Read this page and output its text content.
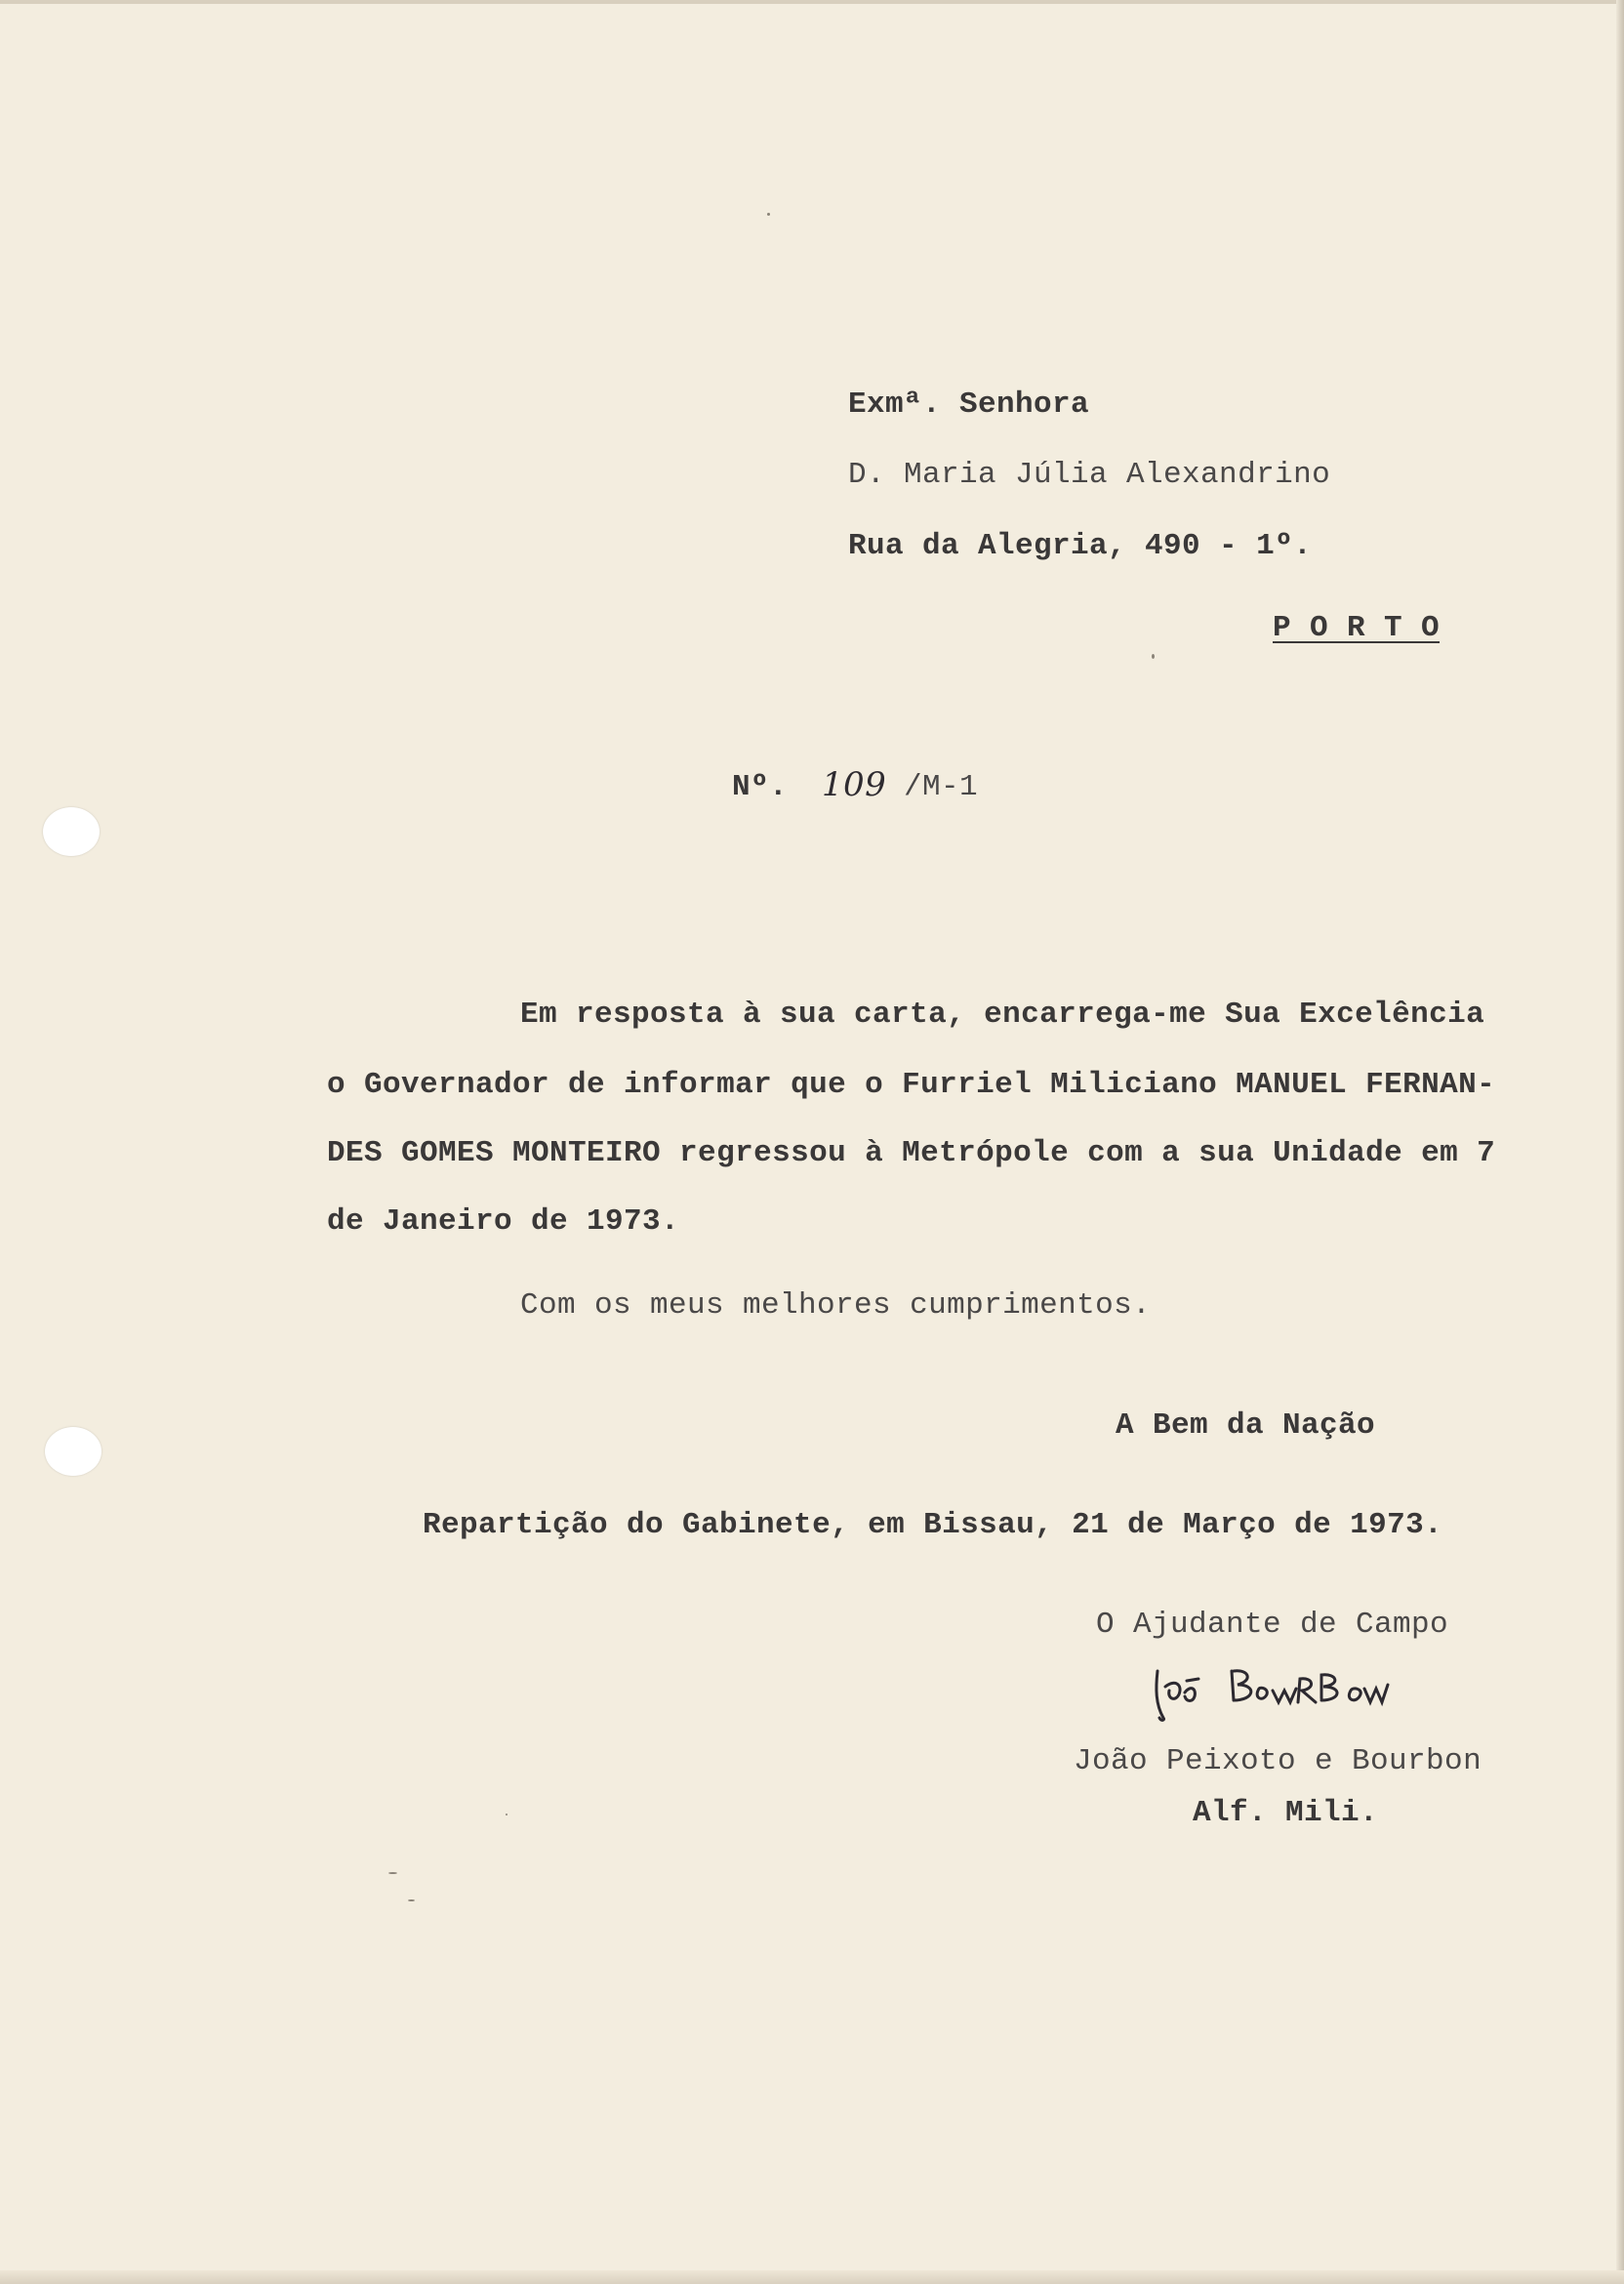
Exmª. Senhora
D. Maria Júlia Alexandrino
Rua da Alegria, 490 - 1º.
P O R T O
Nº. 109 /M-1
Em resposta à sua carta, encarrega-me Sua Excelência
o Governador de informar que o Furriel Miliciano MANUEL FERNAN-
DES GOMES MONTEIRO regressou à Metrópole com a sua Unidade em 7
de Janeiro de 1973.
Com os meus melhores cumprimentos.
A Bem da Nação
Repartição do Gabinete, em Bissau, 21 de Março de 1973.
O Ajudante de Campo
João Peixoto e Bourbon
Alf. Mili.
